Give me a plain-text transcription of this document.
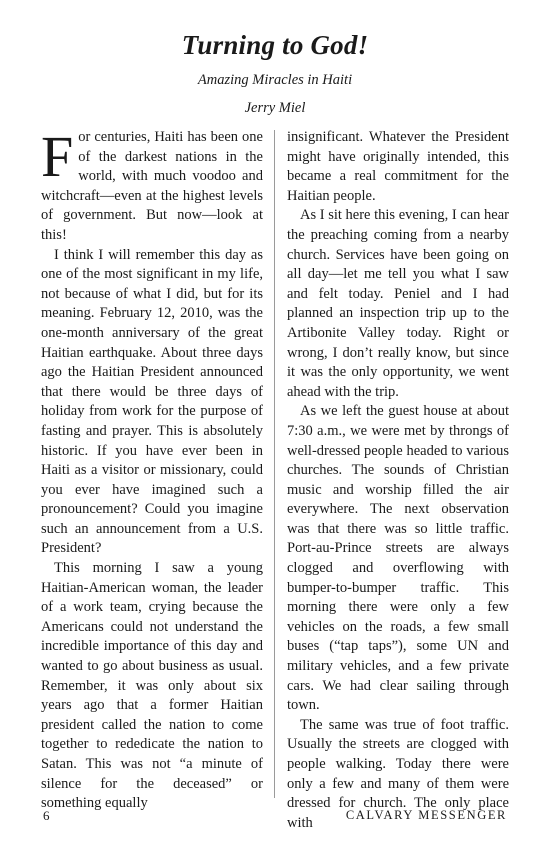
Turning to God!
Amazing Miracles in Haiti
Jerry Miel

For centuries, Haiti has been one of the darkest nations in the world, with much voodoo and witchcraft—even at the highest levels of government. But now—look at this!

I think I will remember this day as one of the most significant in my life, not because of what I did, but for its meaning. February 12, 2010, was the one-month anniversary of the great Haitian earthquake. About three days ago the Haitian President announced that there would be three days of holiday from work for the purpose of fasting and prayer. This is absolutely historic. If you have ever been in Haiti as a visitor or missionary, could you ever have imagined such a pronouncement? Could you imagine such an announcement from a U.S. President?

This morning I saw a young Haitian-American woman, the leader of a work team, crying because the Americans could not understand the incredible importance of this day and wanted to go about business as usual. Remember, it was only about six years ago that a former Haitian president called the nation to come together to rededicate the nation to Satan. This was not “a minute of silence for the deceased” or something equally

insignificant. Whatever the President might have originally intended, this became a real commitment for the Haitian people.

As I sit here this evening, I can hear the preaching coming from a nearby church. Services have been going on all day—let me tell you what I saw and felt today. Peniel and I had planned an inspection trip up to the Artibonite Valley today. Right or wrong, I don’t really know, but since it was the only opportunity, we went ahead with the trip.

As we left the guest house at about 7:30 a.m., we were met by throngs of well-dressed people headed to various churches. The sounds of Christian music and worship filled the air everywhere. The next observation was that there was so little traffic. Port-au-Prince streets are always clogged and overflowing with bumper-to-bumper traffic. This morning there were only a few vehicles on the roads, a few small buses (“tap taps”), some UN and military vehicles, and a few private cars. We had clear sailing through town.

The same was true of foot traffic. Usually the streets are clogged with people walking. Today there were only a few and many of them were dressed for church. The only place with

6	CALVARY MESSENGER
